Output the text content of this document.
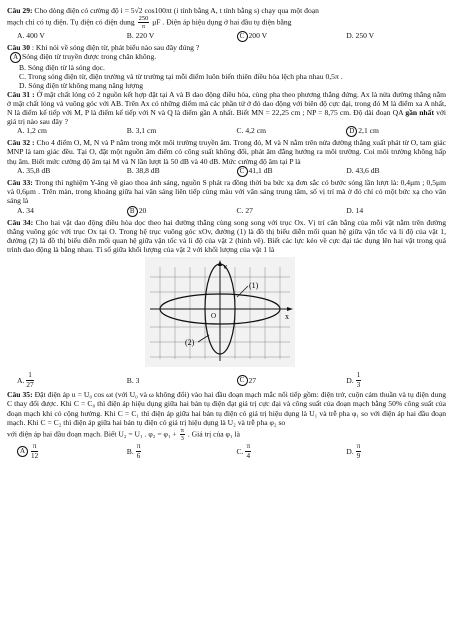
Câu 29: Cho dòng điện có cường độ i = 5√2 cos100πt (i tính bằng A, t tính bằng s) chạy qua một đoạn

mạch chỉ có tụ điện. Tụ điện có điện dung $\frac{250}{\pi}$ μF . Điện áp hiệu dụng ở hai đầu tụ điện bằng

A. 400 V	B. 220 V	C 200 V	D. 250 V

Câu 30 : Khi nói về sóng điện từ, phát biểu nào sau đây đúng ?

A Sóng điện từ truyền được trong chân không.

B. Sóng điện từ là sóng dọc.

C. Trong sóng điện từ, điện trường và từ trường tại mỗi điểm luôn biến thiên điều hòa lệch pha nhau 0,5π .

D. Sóng điện từ không mang năng lượng

Câu 31 : Ở mặt chất lỏng có 2 nguồn kết hợp đặt tại A và B dao động điều hòa, cùng pha theo phương thẳng đứng. Ax là nửa đường thẳng nằm ở mặt chất lỏng và vuông góc với AB. Trên Ax có những điểm mà các phần tử ở đó dao động với biên độ cực đại, trong đó M là điểm xa A nhất, N là điểm kế tiếp với M, P là điểm kế tiếp với N và Q là điểm gần A nhất. Biết MN = 22,25 cm ; NP = 8,75 cm. Độ dài đoạn QA gần nhất với giá trị nào sau đây ?

A. 1,2 cm	B. 3,1 cm	C. 4,2 cm	D 2,1 cm

Câu 32 : Cho 4 điểm O, M, N và P nằm trong một môi trường truyền âm. Trong đó, M và N nằm trên nửa đường thẳng xuất phát từ O, tam giác MNP là tam giác đều. Tại O, đặt một nguồn âm điểm có công suất không đổi, phát âm đẳng hướng ra môi trường. Coi môi trường không hấp thụ âm. Biết mức cường độ âm tại M và N lần lượt là 50 dB và 40 dB. Mức cường độ âm tại P là

A. 35,8 dB	B. 38,8 dB	C 41,1 dB	D. 43,6 dB

Câu 33: Trong thí nghiệm Y-âng về giao thoa ánh sáng, nguồn S phát ra đồng thời ba bức xạ đơn sắc có bước sóng lần lượt là: 0,4μm ; 0,5μm và 0,6μm . Trên màn, trong khoảng giữa hai vân sáng liên tiếp cùng màu với vân sáng trung tâm, số vị trí mà ở đó chỉ có một bức xạ cho vân sáng là

A. 34	B 20	C. 27	D. 14

Câu 34: Cho hai vật dao động điều hòa dọc theo hai đường thẳng cùng song song với trục Ox. Vị trí cân bằng của mỗi vật nằm trên đường thẳng vuông góc với trục Ox tại O. Trong hệ trục vuông góc xOv, đường (1) là đồ thị biểu diễn mối quan hệ giữa vận tốc và li độ của vật 1, đường (2) là đồ thị biểu diễn mối quan hệ giữa vận tốc và li độ của vật 2 (hình vẽ). Biết các lực kéo về cực đại tác dụng lên hai vật trong quá trình dao động là bằng nhau. Tỉ số giữa khối lượng của vật 2 với khối lượng của vật 1 là

v
x
O
(1)
(2)
A. $\frac{1}{27}$	B.
3	C 27	D. $\frac{1}{3}$

Câu 35: Đặt điện áp u = U₀ cos ωt (với U₀ và ω không đổi) vào hai đầu đoạn mạch mắc nối tiếp gồm: điện trở, cuộn cảm thuần và tụ điện dung C thay đổi được. Khi C = C₀ thì điện áp hiệu dụng giữa hai bản tụ điện đạt giá trị cực đại và công suất của đoạn mạch bằng 50% công suất của đoạn mạch khi có cộng hưởng. Khi C = C₁ thì điện áp giữa hai bản tụ điện có giá trị hiệu dụng là U₁ và trễ pha φ₁ so với điện áp hai đầu đoạn mạch. Khi C = C₂ thì điện áp giữa hai bản tụ điện có giá trị hiệu dụng là U₂ và trễ pha φ₂ so

với điện áp hai đầu đoạn mạch. Biết U₂ = U₁ . $\varphi_2 = \varphi_1 + \frac{\pi}{3}$ . Giá trị của φ₁ là

A $\frac{\pi}{12}$	B. $\frac{\pi}{6}$	C. $\frac{\pi}{4}$	D. $\frac{\pi}{9}$
